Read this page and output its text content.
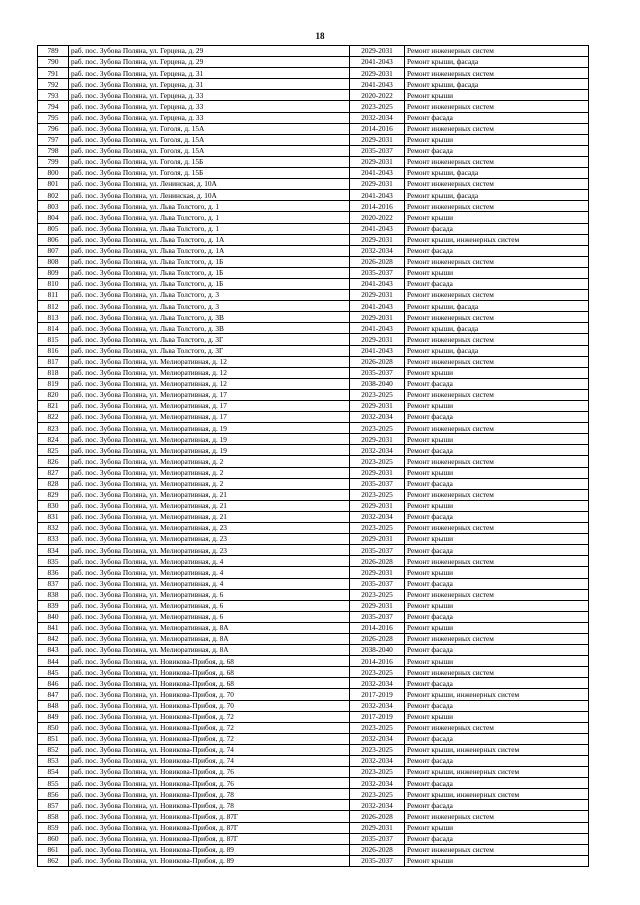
18
789	раб. пос. Зубова Поляна, ул. Герцена, д. 29	2029-2031	Ремонт инженерных систем
790	раб. пос. Зубова Поляна, ул. Герцена, д. 29	2041-2043	Ремонт крыши, фасада
791	раб. пос. Зубова Поляна, ул. Герцена, д. 31	2029-2031	Ремонт инженерных систем
792	раб. пос. Зубова Поляна, ул. Герцена, д. 31	2041-2043	Ремонт крыши, фасада
793	раб. пос. Зубова Поляна, ул. Герцена, д. 33	2020-2022	Ремонт крыши
794	раб. пос. Зубова Поляна, ул. Герцена, д. 33	2023-2025	Ремонт инженерных систем
795	раб. пос. Зубова Поляна, ул. Герцена, д. 33	2032-2034	Ремонт фасада
796	раб. пос. Зубова Поляна, ул. Гоголя, д. 15А	2014-2016	Ремонт инженерных систем
797	раб. пос. Зубова Поляна, ул. Гоголя, д. 15А	2029-2031	Ремонт крыши
798	раб. пос. Зубова Поляна, ул. Гоголя, д. 15А	2035-2037	Ремонт фасада
799	раб. пос. Зубова Поляна, ул. Гоголя, д. 15Б	2029-2031	Ремонт инженерных систем
800	раб. пос. Зубова Поляна, ул. Гоголя, д. 15Б	2041-2043	Ремонт крыши, фасада
801	раб. пос. Зубова Поляна, ул. Ленинская, д. 10А	2029-2031	Ремонт инженерных систем
802	раб. пос. Зубова Поляна, ул. Ленинская, д. 10А	2041-2043	Ремонт крыши, фасада
803	раб. пос. Зубова Поляна, ул. Льва Толстого, д. 1	2014-2016	Ремонт инженерных систем
804	раб. пос. Зубова Поляна, ул. Льва Толстого, д. 1	2020-2022	Ремонт крыши
805	раб. пос. Зубова Поляна, ул. Льва Толстого, д. 1	2041-2043	Ремонт фасада
806	раб. пос. Зубова Поляна, ул. Льва Толстого, д. 1А	2029-2031	Ремонт крыши, инженерных систем
807	раб. пос. Зубова Поляна, ул. Льва Толстого, д. 1А	2032-2034	Ремонт фасада
808	раб. пос. Зубова Поляна, ул. Льва Толстого, д. 1Б	2026-2028	Ремонт инженерных систем
809	раб. пос. Зубова Поляна, ул. Льва Толстого, д. 1Б	2035-2037	Ремонт крыши
810	раб. пос. Зубова Поляна, ул. Льва Толстого, д. 1Б	2041-2043	Ремонт фасада
811	раб. пос. Зубова Поляна, ул. Льва Толстого, д. 3	2029-2031	Ремонт инженерных систем
812	раб. пос. Зубова Поляна, ул. Льва Толстого, д. 3	2041-2043	Ремонт крыши, фасада
813	раб. пос. Зубова Поляна, ул. Льва Толстого, д. 3В	2029-2031	Ремонт инженерных систем
814	раб. пос. Зубова Поляна, ул. Льва Толстого, д. 3В	2041-2043	Ремонт крыши, фасада
815	раб. пос. Зубова Поляна, ул. Льва Толстого, д. 3Г	2029-2031	Ремонт инженерных систем
816	раб. пос. Зубова Поляна, ул. Льва Толстого, д. 3Г	2041-2043	Ремонт крыши, фасада
817	раб. пос. Зубова Поляна, ул. Мелиоративная, д. 12	2026-2028	Ремонт инженерных систем
818	раб. пос. Зубова Поляна, ул. Мелиоративная, д. 12	2035-2037	Ремонт крыши
819	раб. пос. Зубова Поляна, ул. Мелиоративная, д. 12	2038-2040	Ремонт фасада
820	раб. пос. Зубова Поляна, ул. Мелиоративная, д. 17	2023-2025	Ремонт инженерных систем
821	раб. пос. Зубова Поляна, ул. Мелиоративная, д. 17	2029-2031	Ремонт крыши
822	раб. пос. Зубова Поляна, ул. Мелиоративная, д. 17	2032-2034	Ремонт фасада
823	раб. пос. Зубова Поляна, ул. Мелиоративная, д. 19	2023-2025	Ремонт инженерных систем
824	раб. пос. Зубова Поляна, ул. Мелиоративная, д. 19	2029-2031	Ремонт крыши
825	раб. пос. Зубова Поляна, ул. Мелиоративная, д. 19	2032-2034	Ремонт фасада
826	раб. пос. Зубова Поляна, ул. Мелиоративная, д. 2	2023-2025	Ремонт инженерных систем
827	раб. пос. Зубова Поляна, ул. Мелиоративная, д. 2	2029-2031	Ремонт крыши
828	раб. пос. Зубова Поляна, ул. Мелиоративная, д. 2	2035-2037	Ремонт фасада
829	раб. пос. Зубова Поляна, ул. Мелиоративная, д. 21	2023-2025	Ремонт инженерных систем
830	раб. пос. Зубова Поляна, ул. Мелиоративная, д. 21	2029-2031	Ремонт крыши
831	раб. пос. Зубова Поляна, ул. Мелиоративная, д. 21	2032-2034	Ремонт фасада
832	раб. пос. Зубова Поляна, ул. Мелиоративная, д. 23	2023-2025	Ремонт инженерных систем
833	раб. пос. Зубова Поляна, ул. Мелиоративная, д. 23	2029-2031	Ремонт крыши
834	раб. пос. Зубова Поляна, ул. Мелиоративная, д. 23	2035-2037	Ремонт фасада
835	раб. пос. Зубова Поляна, ул. Мелиоративная, д. 4	2026-2028	Ремонт инженерных систем
836	раб. пос. Зубова Поляна, ул. Мелиоративная, д. 4	2029-2031	Ремонт крыши
837	раб. пос. Зубова Поляна, ул. Мелиоративная, д. 4	2035-2037	Ремонт фасада
838	раб. пос. Зубова Поляна, ул. Мелиоративная, д. 6	2023-2025	Ремонт инженерных систем
839	раб. пос. Зубова Поляна, ул. Мелиоративная, д. 6	2029-2031	Ремонт крыши
840	раб. пос. Зубова Поляна, ул. Мелиоративная, д. 6	2035-2037	Ремонт фасада
841	раб. пос. Зубова Поляна, ул. Мелиоративная, д. 8А	2014-2016	Ремонт крыши
842	раб. пос. Зубова Поляна, ул. Мелиоративная, д. 8А	2026-2028	Ремонт инженерных систем
843	раб. пос. Зубова Поляна, ул. Мелиоративная, д. 8А	2038-2040	Ремонт фасада
844	раб. пос. Зубова Поляна, ул. Новикова-Прибоя, д. 68	2014-2016	Ремонт крыши
845	раб. пос. Зубова Поляна, ул. Новикова-Прибоя, д. 68	2023-2025	Ремонт инженерных систем
846	раб. пос. Зубова Поляна, ул. Новикова-Прибоя, д. 68	2032-2034	Ремонт фасада
847	раб. пос. Зубова Поляна, ул. Новикова-Прибоя, д. 70	2017-2019	Ремонт крыши, инженерных систем
848	раб. пос. Зубова Поляна, ул. Новикова-Прибоя, д. 70	2032-2034	Ремонт фасада
849	раб. пос. Зубова Поляна, ул. Новикова-Прибоя, д. 72	2017-2019	Ремонт крыши
850	раб. пос. Зубова Поляна, ул. Новикова-Прибоя, д. 72	2023-2025	Ремонт инженерных систем
851	раб. пос. Зубова Поляна, ул. Новикова-Прибоя, д. 72	2032-2034	Ремонт фасада
852	раб. пос. Зубова Поляна, ул. Новикова-Прибоя, д. 74	2023-2025	Ремонт крыши, инженерных систем
853	раб. пос. Зубова Поляна, ул. Новикова-Прибоя, д. 74	2032-2034	Ремонт фасада
854	раб. пос. Зубова Поляна, ул. Новикова-Прибоя, д. 76	2023-2025	Ремонт крыши, инженерных систем
855	раб. пос. Зубова Поляна, ул. Новикова-Прибоя, д. 76	2032-2034	Ремонт фасада
856	раб. пос. Зубова Поляна, ул. Новикова-Прибоя, д. 78	2023-2025	Ремонт крыши, инженерных систем
857	раб. пос. Зубова Поляна, ул. Новикова-Прибоя, д. 78	2032-2034	Ремонт фасада
858	раб. пос. Зубова Поляна, ул. Новикова-Прибоя, д. 87Г	2026-2028	Ремонт инженерных систем
859	раб. пос. Зубова Поляна, ул. Новикова-Прибоя, д. 87Г	2029-2031	Ремонт крыши
860	раб. пос. Зубова Поляна, ул. Новикова-Прибоя, д. 87Г	2035-2037	Ремонт фасада
861	раб. пос. Зубова Поляна, ул. Новикова-Прибоя, д. 89	2026-2028	Ремонт инженерных систем
862	раб. пос. Зубова Поляна, ул. Новикова-Прибоя, д. 89	2035-2037	Ремонт крыши
